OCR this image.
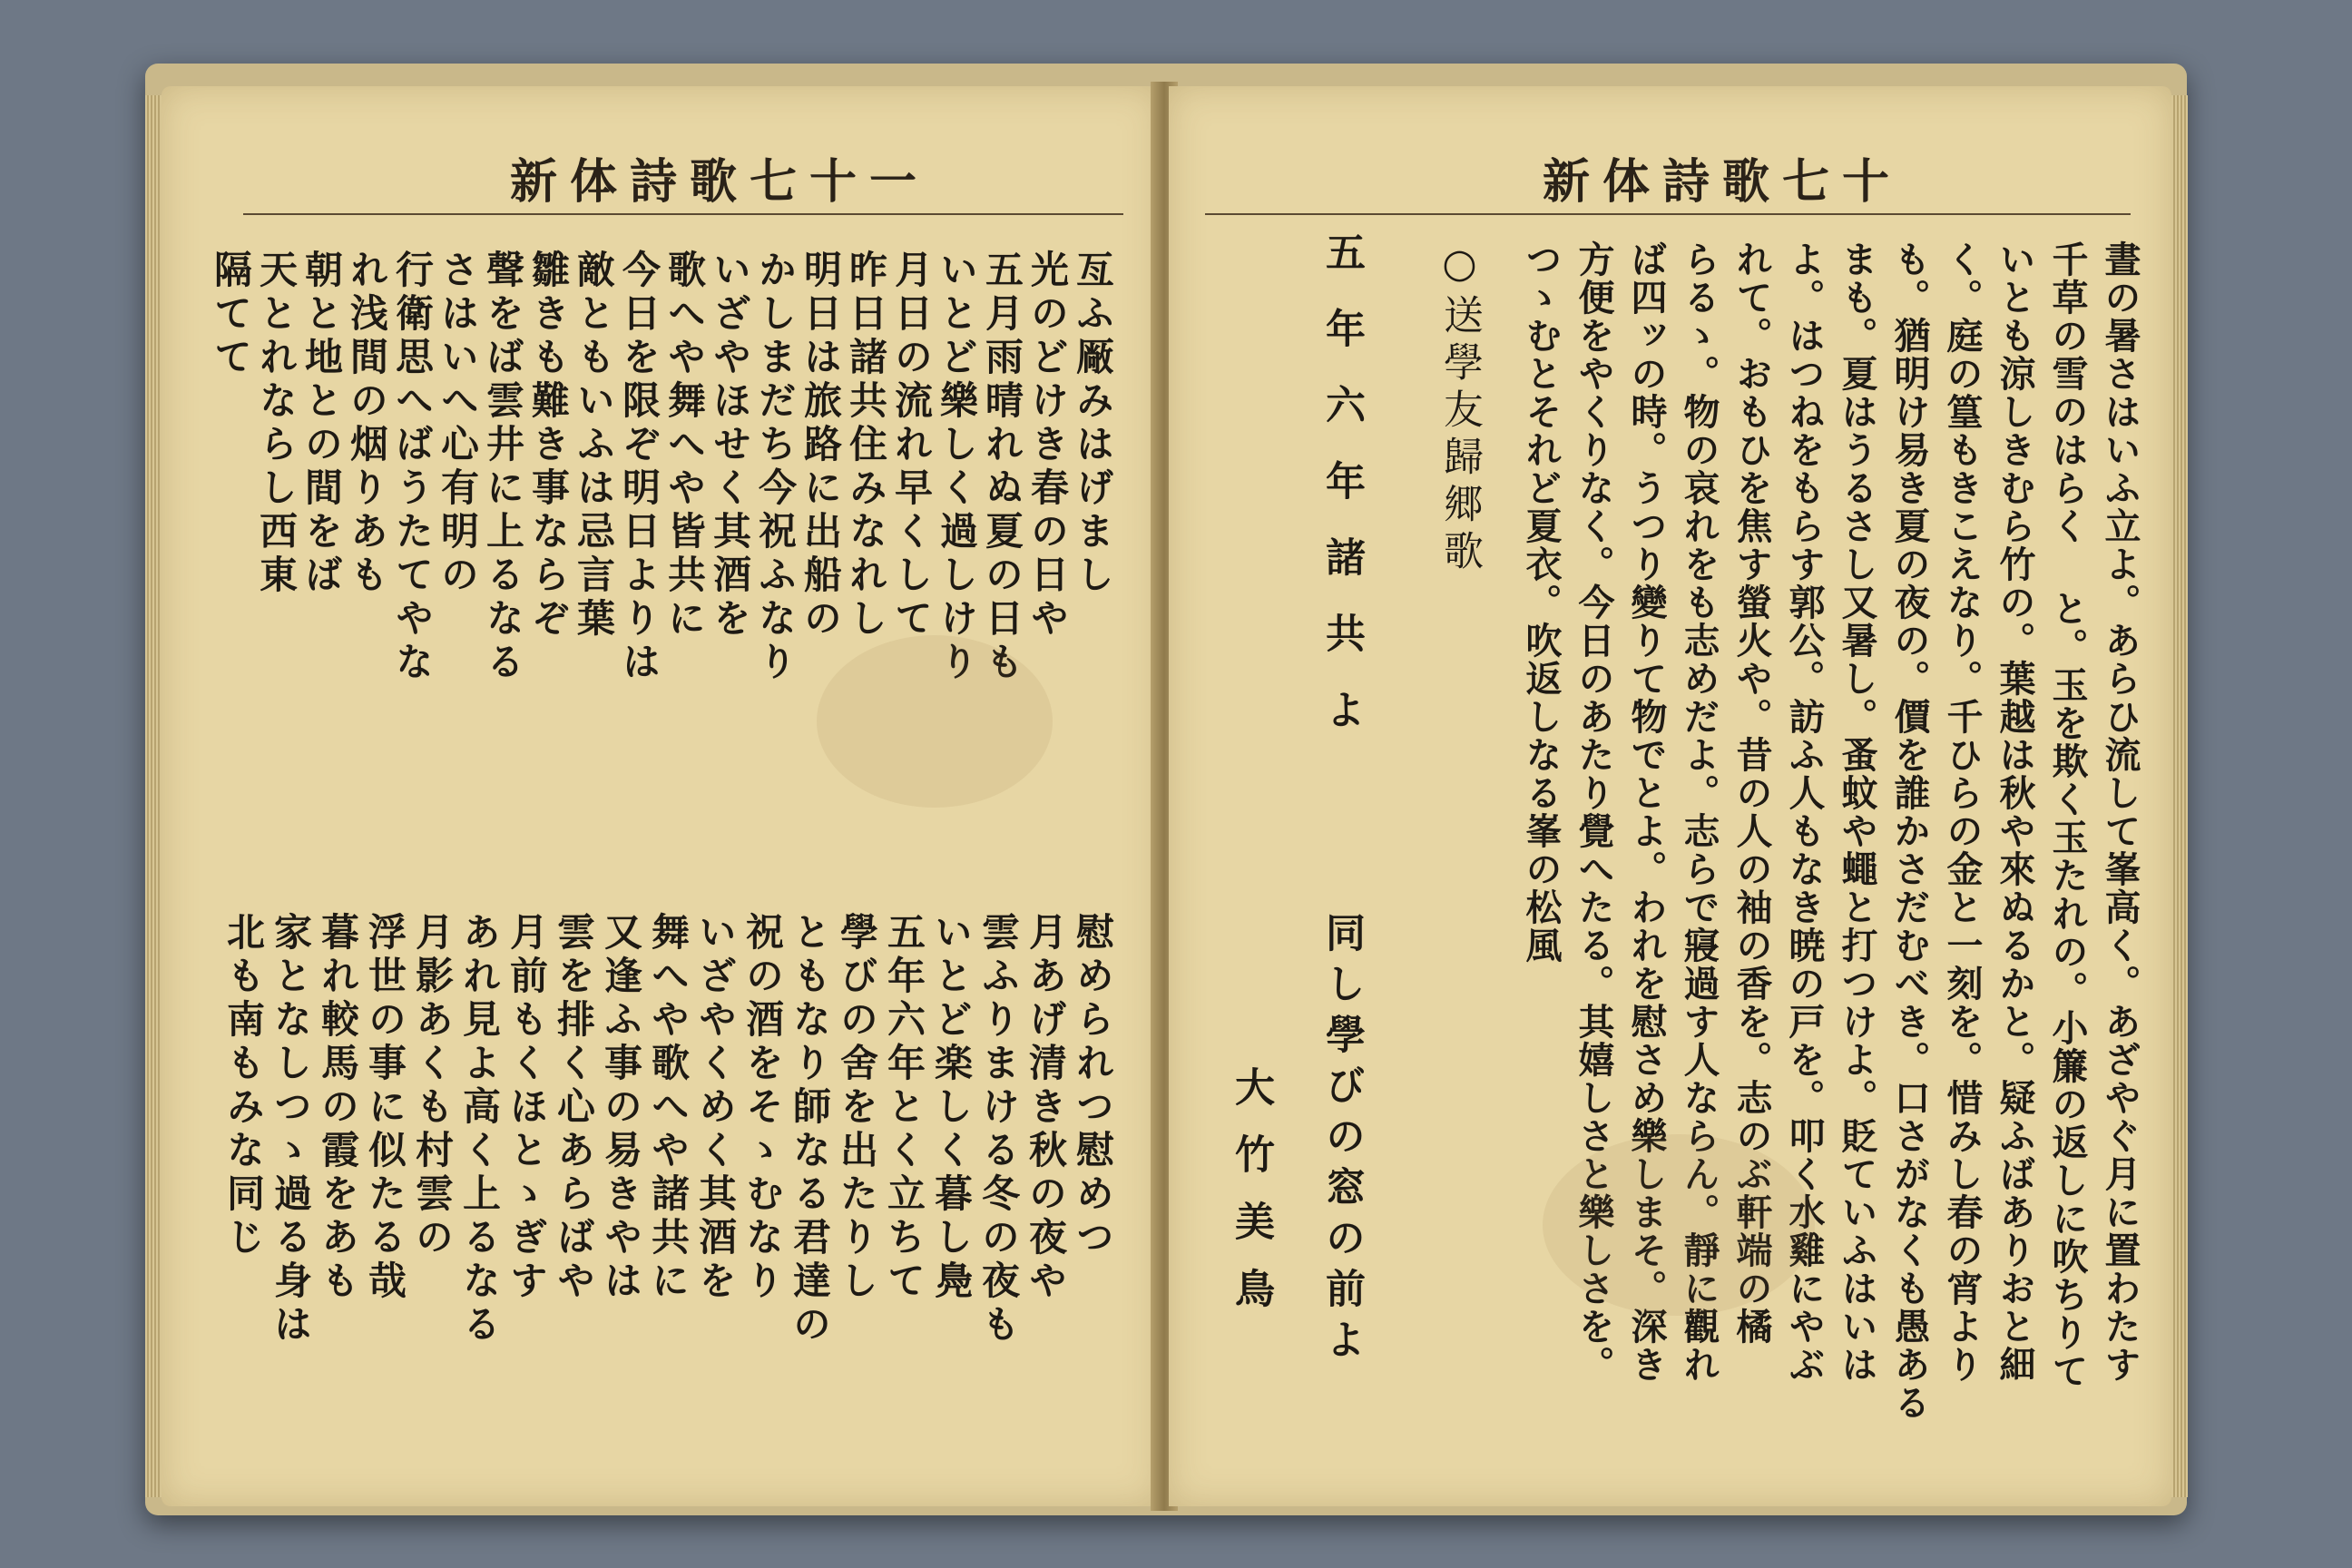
新体詩歌七十一
亙ふ厰みはげまし
光のどけき春の日や
五月雨晴れぬ夏の日も
いとど樂しく過しけり
月日の流れ早くして
昨日諸共住みなれし
明日は旅路に出船の
かしまだち今祝ふなり
いざやほせく其酒を
歌へや舞へや皆共に
今日を限ぞ明日よりは
敵ともいふは忌言葉
雛きも難き事ならぞ
聲をば雲井に上るなる
さはいへ心有明の
行衛思へばうたてやな
れ浅間の烟りあも
朝と地との間をば
天とれならし西東
隔てて
慰められつ慰めつ
月あげ清き秋の夜や
雲ふりまける冬の夜も
いとど楽しく暮し鳧
五年六年とく立ちて
學びの舍を出たりし
ともなり師なる君達の
祝の酒をそゝむなり
いざやくめく其酒を
舞へや歌へや諸共に
又逢ふ事の易きやは
雲を排く心あらばや
月前もくほとゝぎす
あれ見よ高く上るなる
月影あくも村雲の
浮世の事に似たる哉
暮れ較馬の霞をあも
家となしつゝ過る身は
北も南もみな同じ
新体詩歌七十
晝の暑さはいふ立よ。あらひ流して峯高く。あざやぐ月に置わたす
千草の雪のはらく と。玉を欺く玉たれの。小簾の返しに吹ちりて
いとも涼しきむら竹の。葉越は秋や來ぬるかと。疑ふばありおと細
く。庭の篁もきこえなり。千ひらの金と一刻を。惜みし春の宵より
も。猶明け易き夏の夜の。價を誰かさだむべき。口さがなくも愚ある
まも。夏はうるさし又暑し。蚤蚊や蠅と打つけよ。貶ていふはいは
よ。はつねをもらす郭公。訪ふ人もなき暁の戸を。叩く水雞にやぶ
れて。おもひを焦す螢火や。昔の人の袖の香を。志のぶ軒端の橘
らるゝ。物の哀れをも志めだよ。志らで寢過す人ならん。靜に觀れ
ば四ッの時。うつり變りて物でとよ。われを慰さめ樂しまそ。深き
方便をやくりなく。今日のあたり覺へたる。其嬉しさと樂しさを。
つゝむとそれど夏衣。吹返しなる峯の松風
○送學友歸郷歌
五年六年諸共よ
同し學びの窓の前よ
大竹美鳥
